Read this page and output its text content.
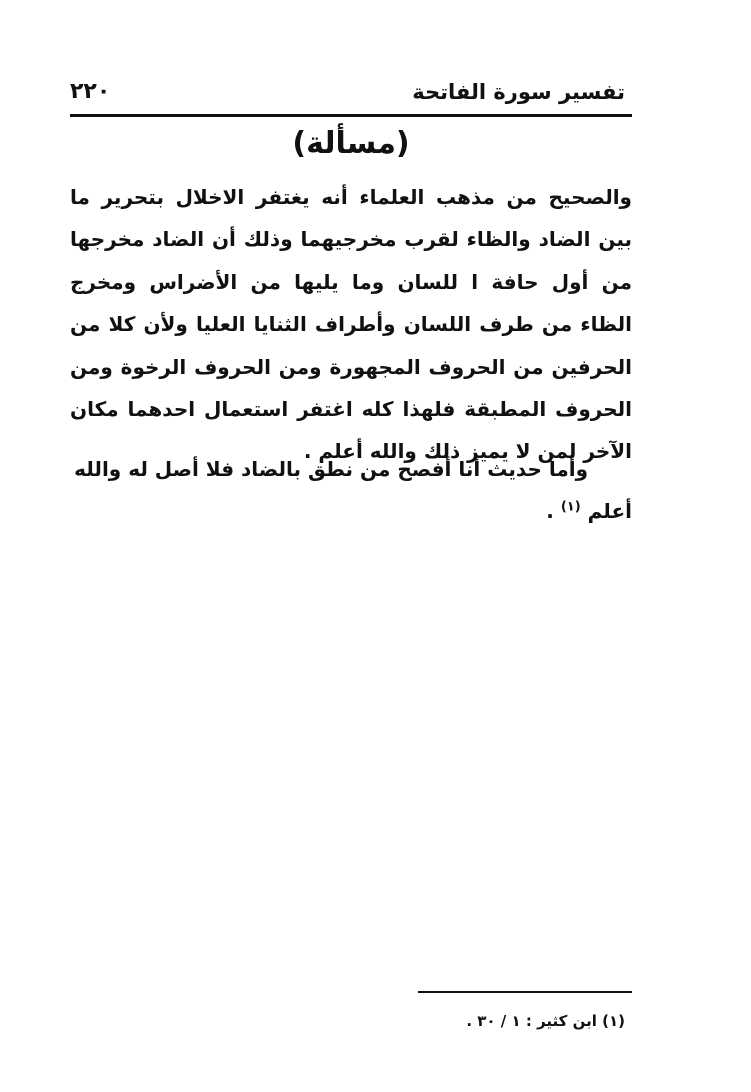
تفسير سورة الفاتحة
٢٢٠
(مسألة)

والصحيح من مذهب العلماء أنه يغتفر الاخلال بتحرير ما بين الضاد والظاء لقرب مخرجيهما وذلك أن الضاد مخرجها من أول حافة ا للسان وما يليها من الأضراس ومخرج الظاء من طرف اللسان وأطراف الثنايا العليا ولأن كلا من الحرفين من الحروف المجهورة ومن الحروف الرخوة ومن الحروف المطبقة فلهذا كله اغتفر استعمال احدهما مكان الآخر لمن لا يميز ذلك والله أعلم .

وأما حديث أنا أفصح من نطق بالضاد فلا أصل له والله أعلم $^{(١)}$ .

(١) ابن كثير : ١ / ٣٠ .
